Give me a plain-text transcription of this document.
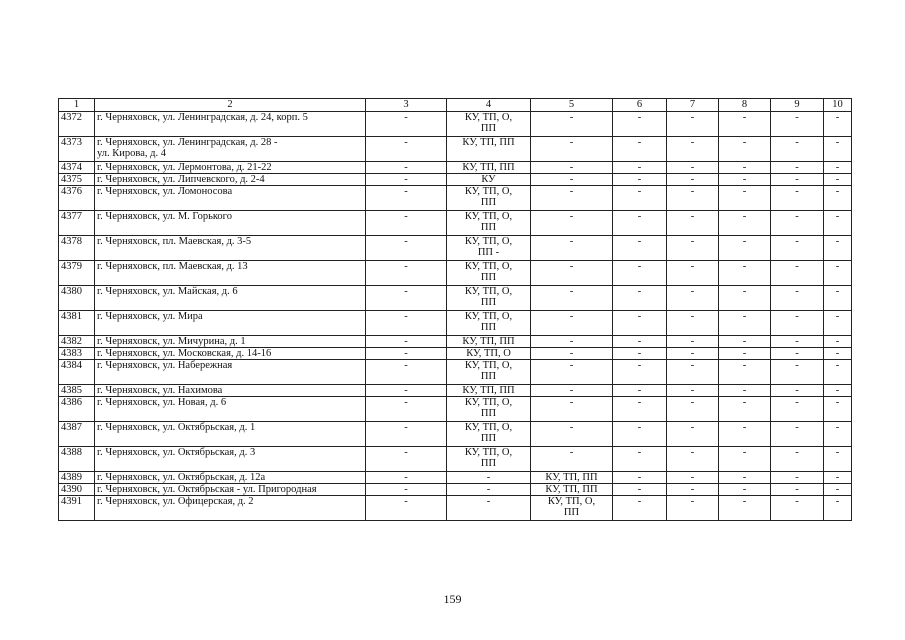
1	2	3	4	5	6	7	8	9	10
4372	г. Черняховск, ул. Ленинградская, д. 24, корп. 5	-	КУ, ТП, О,
ПП	-	-	-	-	-	-
4373	г. Черняховск, ул. Ленинградская, д. 28 -
ул. Кирова, д. 4	-	КУ, ТП, ПП	-	-	-	-	-	-
4374	г. Черняховск, ул. Лермонтова, д. 21-22	-	КУ, ТП, ПП	-	-	-	-	-	-
4375	г. Черняховск, ул. Липчевского, д. 2-4	-	КУ	-	-	-	-	-	-
4376	г. Черняховск, ул. Ломоносова	-	КУ, ТП, О,
ПП	-	-	-	-	-	-
4377	г. Черняховск, ул. М. Горького	-	КУ, ТП, О,
ПП	-	-	-	-	-	-
4378	г. Черняховск, пл. Маевская, д. 3-5	-	КУ, ТП, О,
ПП -	-	-	-	-	-	-
4379	г. Черняховск, пл. Маевская, д. 13	-	КУ, ТП, О,
ПП	-	-	-	-	-	-
4380	г. Черняховск, ул. Майская, д. 6	-	КУ, ТП, О,
ПП	-	-	-	-	-	-
4381	г. Черняховск, ул. Мира	-	КУ, ТП, О,
ПП	-	-	-	-	-	-
4382	г. Черняховск, ул. Мичурина, д. 1	-	КУ, ТП, ПП	-	-	-	-	-	-
4383	г. Черняховск, ул. Московская, д. 14-16	-	КУ, ТП, О	-	-	-	-	-	-
4384	г. Черняховск, ул. Набережная	-	КУ, ТП, О,
ПП	-	-	-	-	-	-
4385	г. Черняховск, ул. Нахимова	-	КУ, ТП, ПП	-	-	-	-	-	-
4386	г. Черняховск, ул. Новая, д. 6	-	КУ, ТП, О,
ПП	-	-	-	-	-	-
4387	г. Черняховск, ул. Октябрьская, д. 1	-	КУ, ТП, О,
ПП	-	-	-	-	-	-
4388	г. Черняховск, ул. Октябрьская, д. 3	-	КУ, ТП, О,
ПП	-	-	-	-	-	-
4389	г. Черняховск, ул. Октябрьская, д. 12а	-	-	КУ, ТП, ПП	-	-	-	-	-
4390	г. Черняховск, ул. Октябрьская - ул. Пригородная	-	-	КУ, ТП, ПП	-	-	-	-	-
4391	г. Черняховск, ул. Офицерская, д. 2	-	-	КУ, ТП, О,
ПП	-	-	-	-	-
159
